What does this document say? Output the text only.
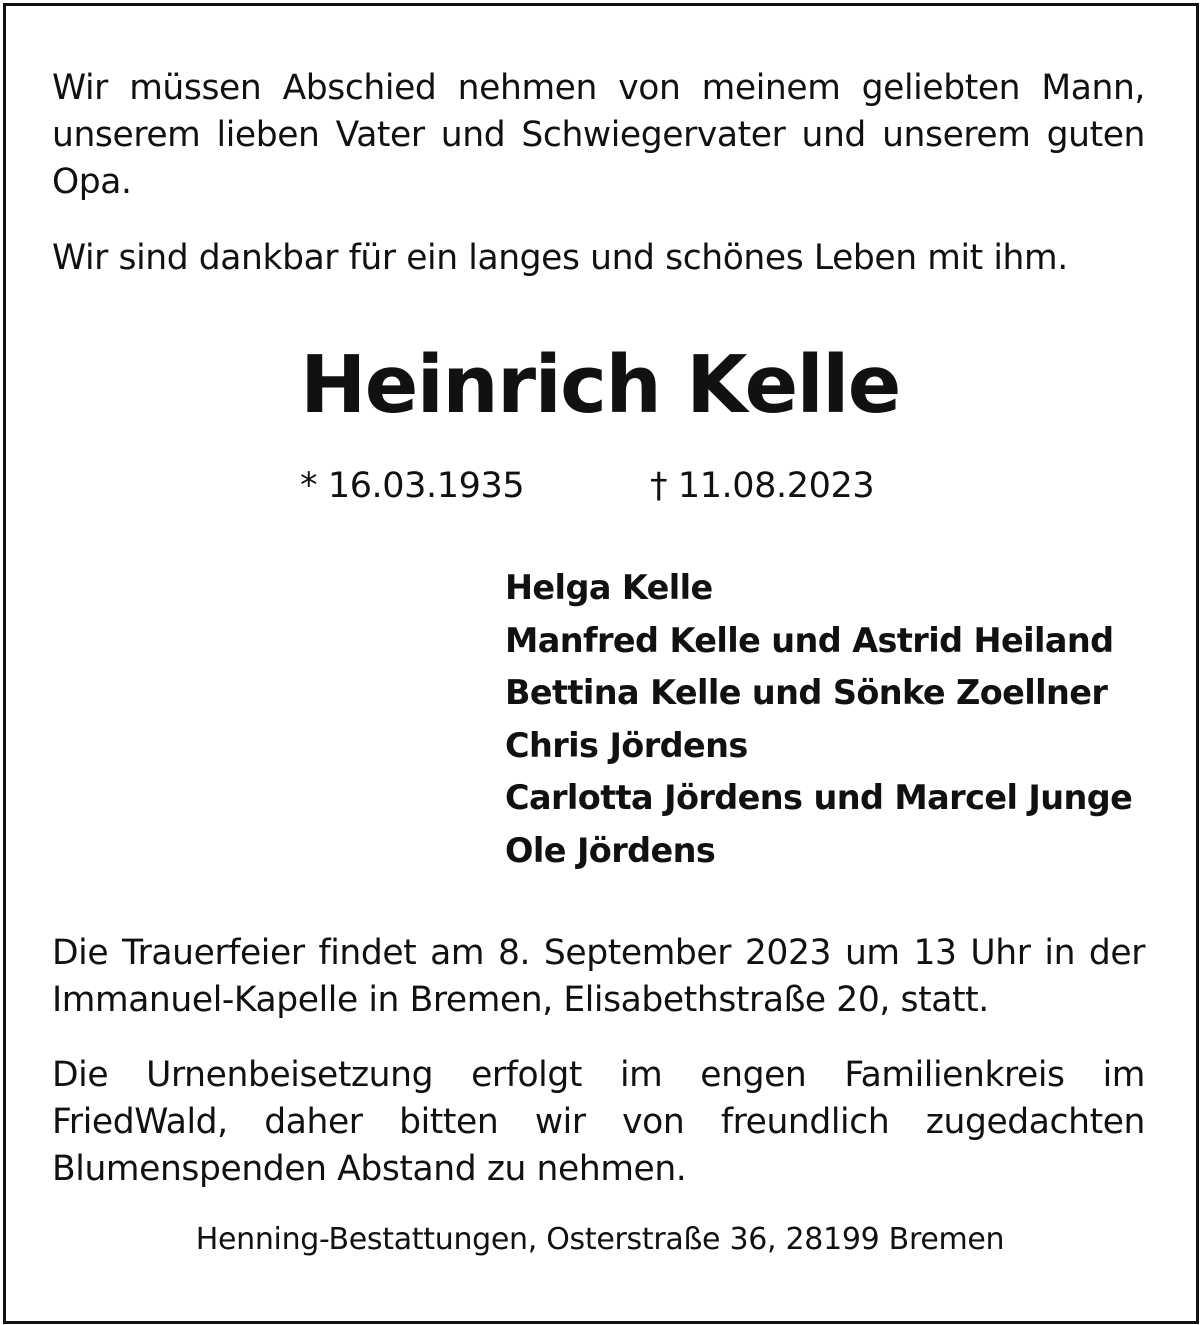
Wir müssen Abschied nehmen von meinem geliebten Mann, unserem lieben Vater und Schwiegervater und unserem guten Opa.

Wir sind dankbar für ein langes und schönes Leben mit ihm.

Heinrich Kelle
* 16.03.1935	† 11.08.2023
Helga Kelle
Manfred Kelle und Astrid Heiland
Bettina Kelle und Sönke Zoellner
Chris Jördens
Carlotta Jördens und Marcel Junge
Ole Jördens

Die Trauerfeier findet am 8. September 2023 um 13 Uhr in der Immanuel-Kapelle in Bremen, Elisabethstraße 20, statt.

Die Urnenbeisetzung erfolgt im engen Familienkreis im FriedWald, daher bitten wir von freundlich zugedachten Blumenspenden Abstand zu nehmen.

Henning-Bestattungen, Osterstraße 36, 28199 Bremen
